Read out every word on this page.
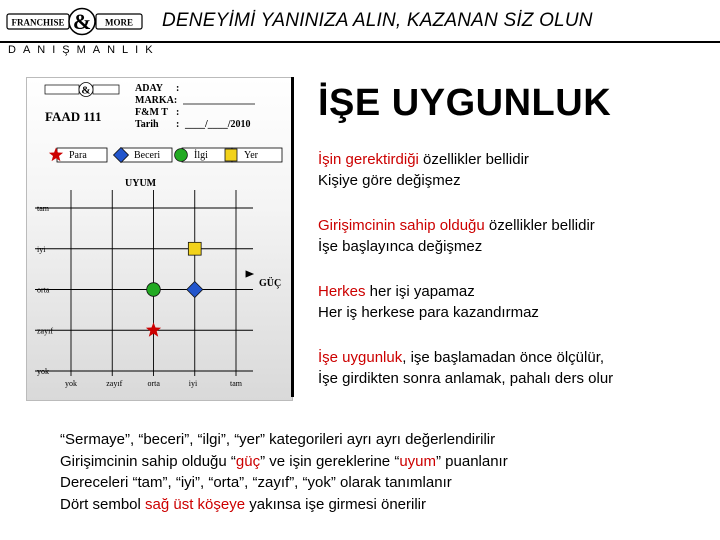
FRANCHISE & MORE DENEYİMİ YANINIZA ALIN, KAZANAN SİZ OLUN
DANIŞMANLIK
&
FAAD 111
ADAY :
MARKA:
F&M T :
Tarih : ____/____/2010
Para	Beceri	İlgi	Yer
UYUM
GÜÇ
tam
iyi
orta
zayıf
yok
yok	zayıf	orta	iyi	tam
İŞE UYGUNLUK
İşin gerektirdiği özellikler bellidir
Kişiye göre değişmez
Girişimcinin sahip olduğu özellikler bellidir
İşe başlayınca değişmez
Herkes her işi yapamaz
Her iş herkese para kazandırmaz
İşe uygunluk, işe başlamadan önce ölçülür,
İşe girdikten sonra anlamak, pahalı ders olur
“Sermaye”, “beceri”, “ilgi”, “yer” kategorileri ayrı ayrı değerlendirilir
Girişimcinin sahip olduğu “güç” ve işin gereklerine “uyum” puanlanır
Dereceleri “tam”, “iyi”, “orta”, “zayıf”, “yok” olarak tanımlanır
Dört sembol sağ üst köşeye yakınsa işe girmesi önerilir
